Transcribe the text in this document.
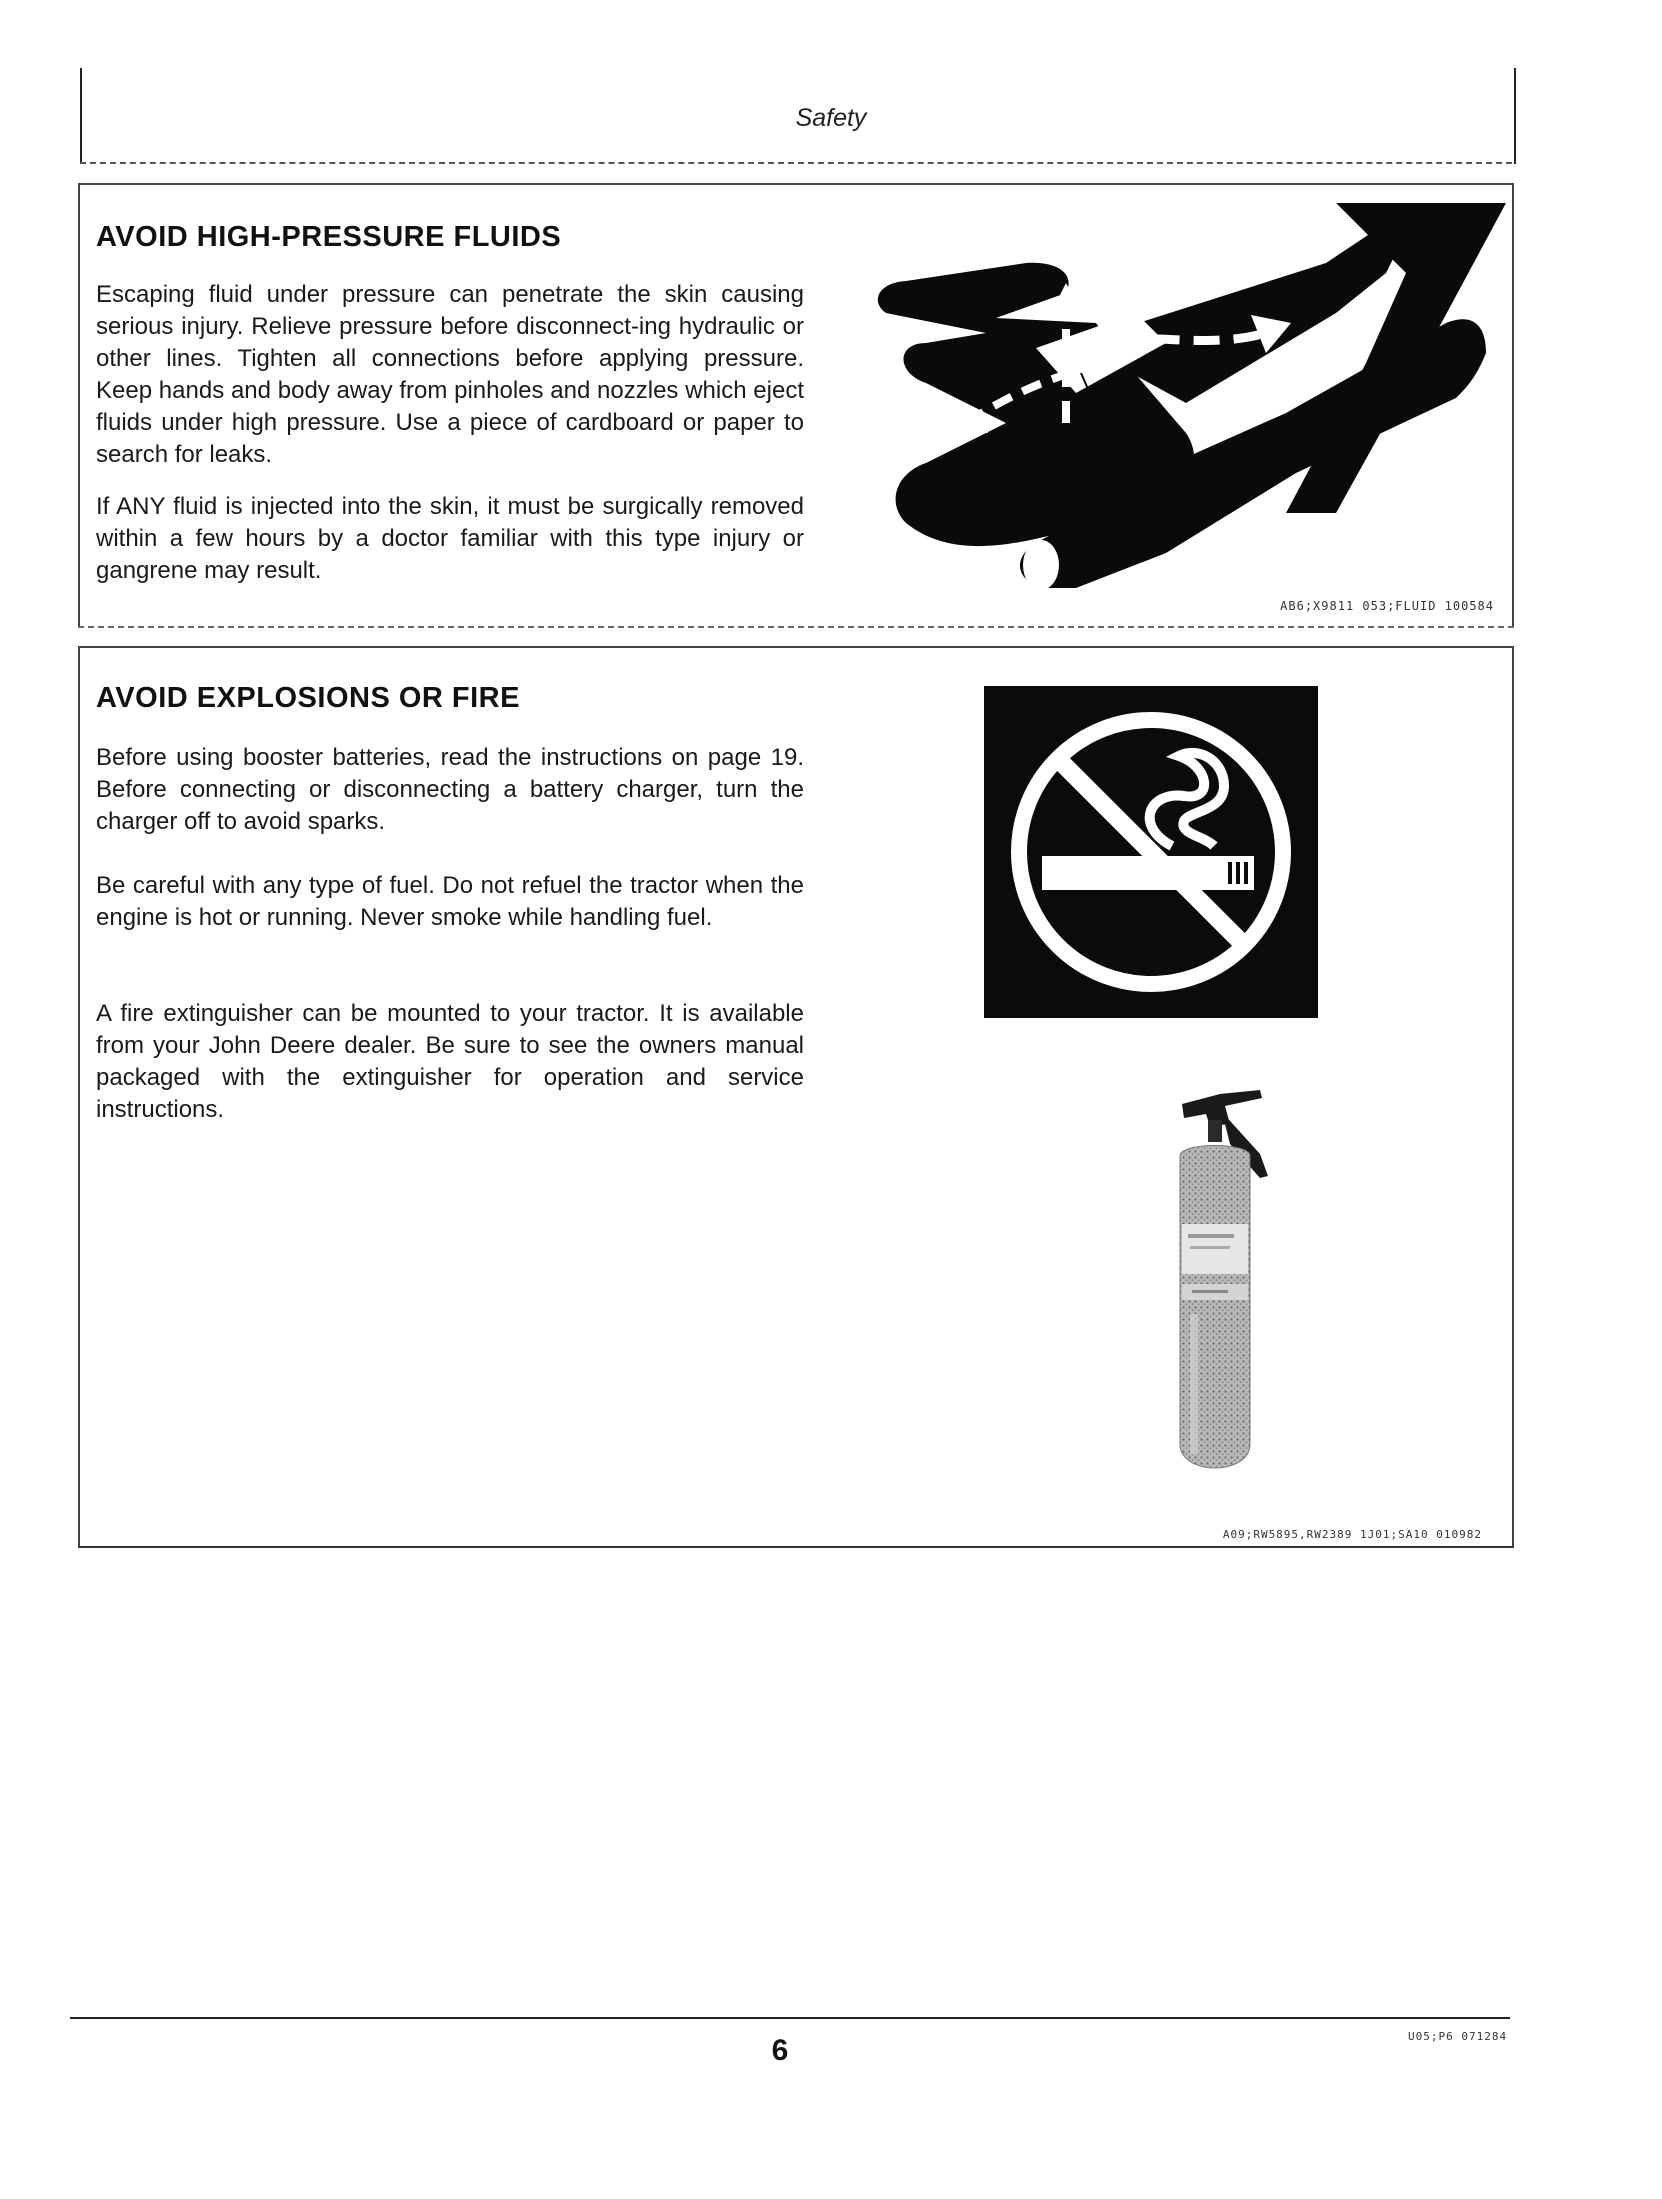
Safety
AVOID HIGH-PRESSURE FLUIDS

Escaping fluid under pressure can penetrate the skin causing serious injury. Relieve pressure before disconnect-ing hydraulic or other lines. Tighten all connections before applying pressure. Keep hands and body away from pinholes and nozzles which eject fluids under high pressure. Use a piece of cardboard or paper to search for leaks.

If ANY fluid is injected into the skin, it must be surgically removed within a few hours by a doctor familiar with this type injury or gangrene may result.

AB6;X9811 053;FLUID 100584
AVOID EXPLOSIONS OR FIRE

Before using booster batteries, read the instructions on page 19. Before connecting or disconnecting a battery charger, turn the charger off to avoid sparks.

Be careful with any type of fuel. Do not refuel the tractor when the engine is hot or running. Never smoke while handling fuel.

A fire extinguisher can be mounted to your tractor. It is available from your John Deere dealer. Be sure to see the owners manual packaged with the extinguisher for operation and service instructions.

A09;RW5895,RW2389 1J01;SA10 010982
6	U05;P6 071284
